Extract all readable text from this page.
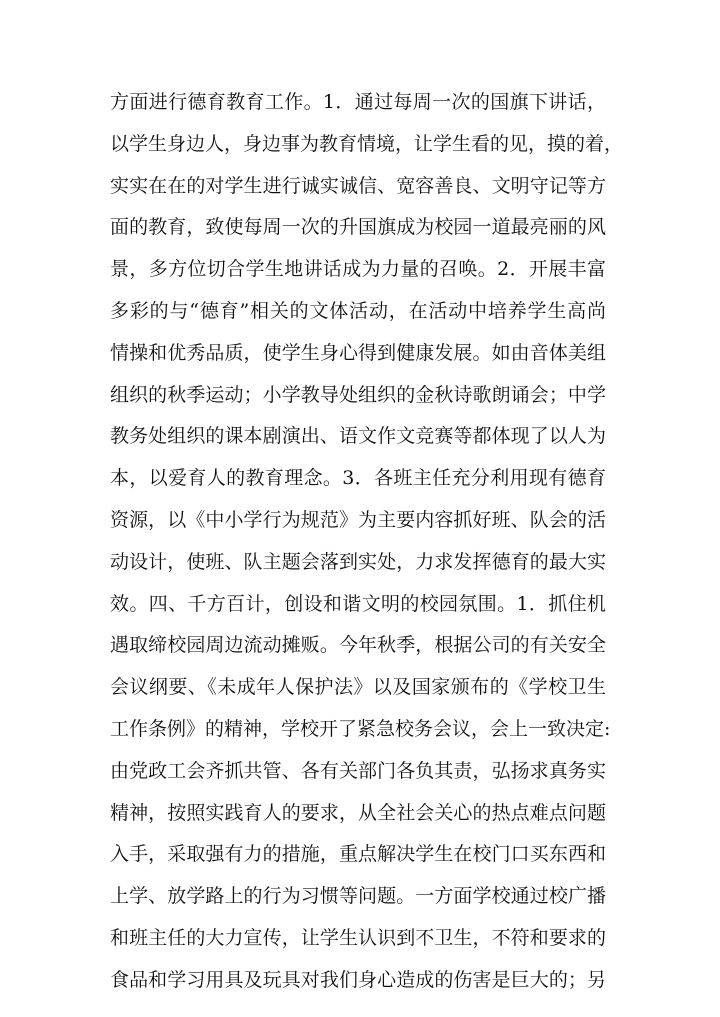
方面进行德育教育工作。1．通过每周一次的国旗下讲话，
以学生身边人，身边事为教育情境，让学生看的见，摸的着，
实实在在的对学生进行诚实诚信、宽容善良、文明守记等方
面的教育，致使每周一次的升国旗成为校园一道最亮丽的风
景，多方位切合学生地讲话成为力量的召唤。2．开展丰富
多彩的与“德育”相关的文体活动，在活动中培养学生高尚
情操和优秀品质，使学生身心得到健康发展。如由音体美组
组织的秋季运动；小学教导处组织的金秋诗歌朗诵会；中学
教务处组织的课本剧演出、语文作文竞赛等都体现了以人为
本，以爱育人的教育理念。3．各班主任充分利用现有德育
资源，以《中小学行为规范》为主要内容抓好班、队会的活
动设计，使班、队主题会落到实处，力求发挥德育的最大实
效。四、千方百计，创设和谐文明的校园氛围。1．抓住机
遇取缔校园周边流动摊贩。今年秋季，根据公司的有关安全
会议纲要、《未成年人保护法》以及国家颁布的《学校卫生
工作条例》的精神，学校开了紧急校务会议，会上一致决定:
由党政工会齐抓共管、各有关部门各负其责，弘扬求真务实
精神，按照实践育人的要求，从全社会关心的热点难点问题
入手，采取强有力的措施，重点解决学生在校门口买东西和
上学、放学路上的行为习惯等问题。一方面学校通过校广播
和班主任的大力宣传，让学生认识到不卫生，不符和要求的
食品和学习用具及玩具对我们身心造成的伤害是巨大的；另
